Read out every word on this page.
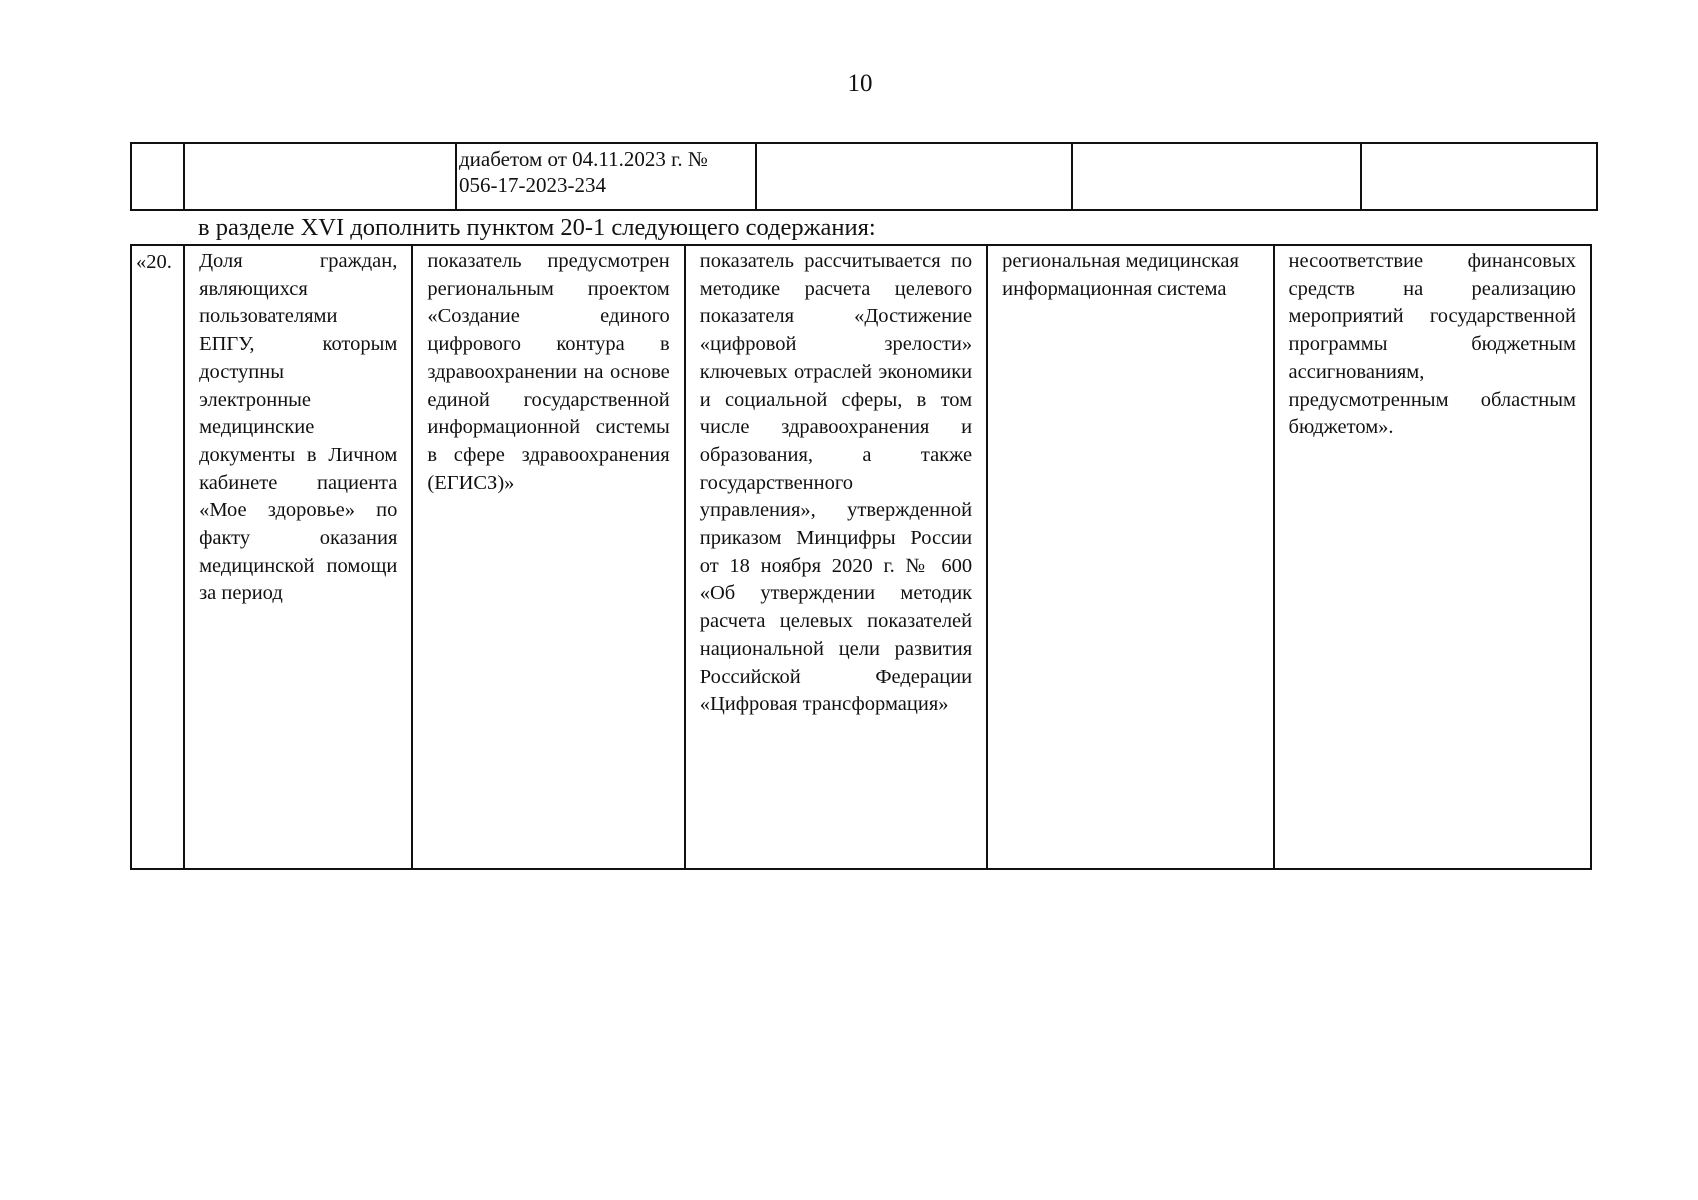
10
		диабетом от 04.11.2023 г. №
056-17-2023-234			
в разделе XVI дополнить пунктом 20-1 следующего содержания:
«20.	Доля граждан, являющихся пользователями ЕПГУ, которым доступны электронные медицинские документы в Личном кабинете пациента «Мое здоровье» по факту оказания медицинской помощи за период	показатель предусмотрен региональным проектом «Создание единого цифрового контура в здравоохранении на основе единой государственной информационной системы в сфере здравоохранения (ЕГИСЗ)»	показатель рассчитывается по методике расчета целевого показателя «Достижение «цифровой зрелости» ключевых отраслей экономики и социальной сферы, в том числе здравоохранения и образования, а также государственного управления», утвержденной приказом Минцифры России от 18 ноября 2020 г. № 600 «Об утверждении методик расчета целевых показателей национальной цели развития Российской Федерации «Цифровая трансформация»	региональная медицинская информационная система	несоответствие финансовых средств на реализацию мероприятий государственной программы бюджетным ассигнованиям, предусмотренным областным бюджетом».
